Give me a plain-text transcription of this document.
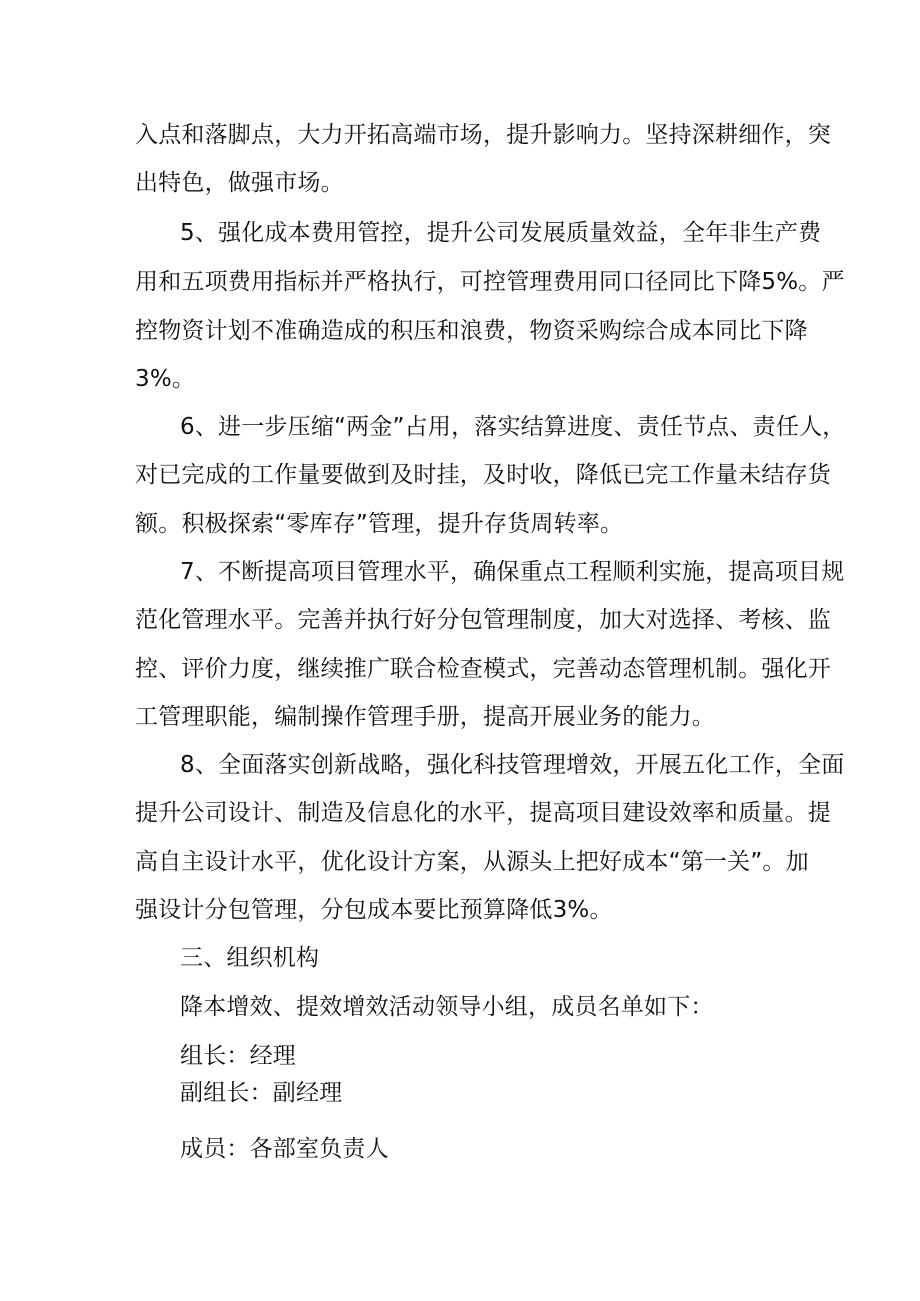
入点和落脚点，大力开拓高端市场，提升影响力。坚持深耕细作，突
出特色，做强市场。
5、强化成本费用管控，提升公司发展质量效益，全年非生产费
用和五项费用指标并严格执行，可控管理费用同口径同比下降5%。严
控物资计划不准确造成的积压和浪费，物资采购综合成本同比下降
3%。
6、进一步压缩“两金”占用，落实结算进度、责任节点、责任人，
对已完成的工作量要做到及时挂，及时收，降低已完工作量未结存货
额。积极探索“零库存”管理，提升存货周转率。
7、不断提高项目管理水平，确保重点工程顺利实施，提高项目规
范化管理水平。完善并执行好分包管理制度，加大对选择、考核、监
控、评价力度，继续推广联合检查模式，完善动态管理机制。强化开
工管理职能，编制操作管理手册，提高开展业务的能力。
8、全面落实创新战略，强化科技管理增效，开展五化工作，全面
提升公司设计、制造及信息化的水平，提高项目建设效率和质量。提
高自主设计水平，优化设计方案，从源头上把好成本“第一关”。加
强设计分包管理，分包成本要比预算降低3%。
三、组织机构
降本增效、提效增效活动领导小组，成员名单如下：
组长：经理
副组长：副经理
成员：各部室负责人
